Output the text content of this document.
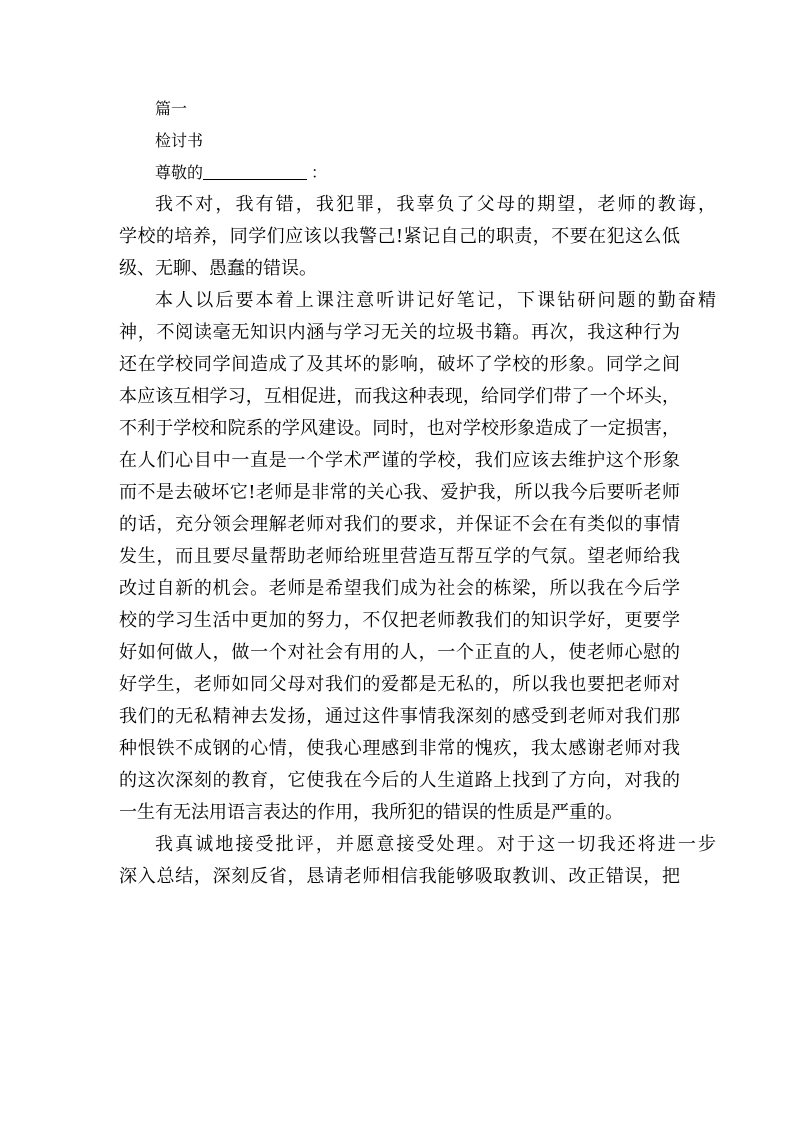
篇一
检讨书
尊敬的	：
我不对，我有错，我犯罪，我辜负了父母的期望，老师的教诲，
学校的培养，同学们应该以我警己!紧记自己的职责，不要在犯这么低
级、无聊、愚蠢的错误。
本人以后要本着上课注意听讲记好笔记，下课钻研问题的勤奋精
神，不阅读毫无知识内涵与学习无关的垃圾书籍。再次，我这种行为
还在学校同学间造成了及其坏的影响，破坏了学校的形象。同学之间
本应该互相学习，互相促进，而我这种表现，给同学们带了一个坏头，
不利于学校和院系的学风建设。同时，也对学校形象造成了一定损害，
在人们心目中一直是一个学术严谨的学校，我们应该去维护这个形象
而不是去破坏它!老师是非常的关心我、爱护我，所以我今后要听老师
的话，充分领会理解老师对我们的要求，并保证不会在有类似的事情
发生，而且要尽量帮助老师给班里营造互帮互学的气氛。望老师给我
改过自新的机会。老师是希望我们成为社会的栋梁，所以我在今后学
校的学习生活中更加的努力，不仅把老师教我们的知识学好，更要学
好如何做人，做一个对社会有用的人，一个正直的人，使老师心慰的
好学生，老师如同父母对我们的爱都是无私的，所以我也要把老师对
我们的无私精神去发扬，通过这件事情我深刻的感受到老师对我们那
种恨铁不成钢的心情，使我心理感到非常的愧疚，我太感谢老师对我
的这次深刻的教育，它使我在今后的人生道路上找到了方向，对我的
一生有无法用语言表达的作用，我所犯的错误的性质是严重的。
我真诚地接受批评，并愿意接受处理。对于这一切我还将进一步
深入总结，深刻反省，恳请老师相信我能够吸取教训、改正错误，把
